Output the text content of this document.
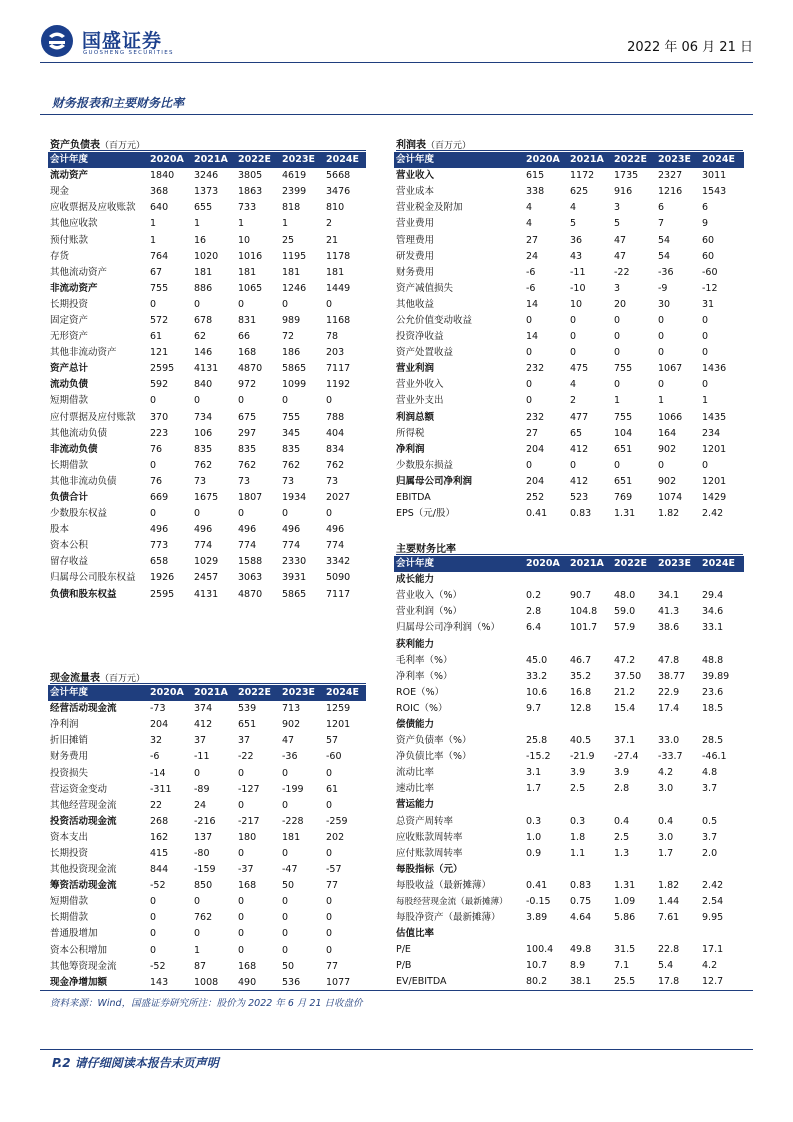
国盛证券
GUOSHENG SECURITIES	2022 年 06 月 21 日
财务报表和主要财务比率
资产负债表（百万元）
会计年度	2020A	2021A	2022E	2023E	2024E
流动资产	1840	3246	3805	4619	5668
现金	368	1373	1863	2399	3476
应收票据及应收账款	640	655	733	818	810
其他应收款	1	1	1	1	2
预付账款	1	16	10	25	21
存货	764	1020	1016	1195	1178
其他流动资产	67	181	181	181	181
非流动资产	755	886	1065	1246	1449
长期投资	0	0	0	0	0
固定资产	572	678	831	989	1168
无形资产	61	62	66	72	78
其他非流动资产	121	146	168	186	203
资产总计	2595	4131	4870	5865	7117
流动负债	592	840	972	1099	1192
短期借款	0	0	0	0	0
应付票据及应付账款	370	734	675	755	788
其他流动负债	223	106	297	345	404
非流动负债	76	835	835	835	834
长期借款	0	762	762	762	762
其他非流动负债	76	73	73	73	73
负债合计	669	1675	1807	1934	2027
少数股东权益	0	0	0	0	0
股本	496	496	496	496	496
资本公积	773	774	774	774	774
留存收益	658	1029	1588	2330	3342
归属母公司股东权益	1926	2457	3063	3931	5090
负债和股东权益	2595	4131	4870	5865	7117
利润表（百万元）
会计年度	2020A	2021A	2022E	2023E	2024E
营业收入	615	1172	1735	2327	3011
营业成本	338	625	916	1216	1543
营业税金及附加	4	4	3	6	6
营业费用	4	5	5	7	9
管理费用	27	36	47	54	60
研发费用	24	43	47	54	60
财务费用	-6	-11	-22	-36	-60
资产减值损失	-6	-10	3	-9	-12
其他收益	14	10	20	30	31
公允价值变动收益	0	0	0	0	0
投资净收益	14	0	0	0	0
资产处置收益	0	0	0	0	0
营业利润	232	475	755	1067	1436
营业外收入	0	4	0	0	0
营业外支出	0	2	1	1	1
利润总额	232	477	755	1066	1435
所得税	27	65	104	164	234
净利润	204	412	651	902	1201
少数股东损益	0	0	0	0	0
归属母公司净利润	204	412	651	902	1201
EBITDA	252	523	769	1074	1429
EPS（元/股）	0.41	0.83	1.31	1.82	2.42
主要财务比率
会计年度	2020A	2021A	2022E	2023E	2024E
成长能力					
营业收入（%）	0.2	90.7	48.0	34.1	29.4
营业利润（%）	2.8	104.8	59.0	41.3	34.6
归属母公司净利润（%）	6.4	101.7	57.9	38.6	33.1
获利能力					
毛利率（%）	45.0	46.7	47.2	47.8	48.8
净利率（%）	33.2	35.2	37.50	38.77	39.89
ROE（%）	10.6	16.8	21.2	22.9	23.6
ROIC（%）	9.7	12.8	15.4	17.4	18.5
偿债能力					
资产负债率（%）	25.8	40.5	37.1	33.0	28.5
净负债比率（%）	-15.2	-21.9	-27.4	-33.7	-46.1
流动比率	3.1	3.9	3.9	4.2	4.8
速动比率	1.7	2.5	2.8	3.0	3.7
营运能力					
总资产周转率	0.3	0.3	0.4	0.4	0.5
应收账款周转率	1.0	1.8	2.5	3.0	3.7
应付账款周转率	0.9	1.1	1.3	1.7	2.0
每股指标（元）					
每股收益（最新摊薄）	0.41	0.83	1.31	1.82	2.42
每股经营现金流（最新摊薄）	-0.15	0.75	1.09	1.44	2.54
每股净资产（最新摊薄）	3.89	4.64	5.86	7.61	9.95
估值比率					
P/E	100.4	49.8	31.5	22.8	17.1
P/B	10.7	8.9	7.1	5.4	4.2
EV/EBITDA	80.2	38.1	25.5	17.8	12.7
现金流量表（百万元）
会计年度	2020A	2021A	2022E	2023E	2024E
经营活动现金流	-73	374	539	713	1259
净利润	204	412	651	902	1201
折旧摊销	32	37	37	47	57
财务费用	-6	-11	-22	-36	-60
投资损失	-14	0	0	0	0
营运资金变动	-311	-89	-127	-199	61
其他经营现金流	22	24	0	0	0
投资活动现金流	268	-216	-217	-228	-259
资本支出	162	137	180	181	202
长期投资	415	-80	0	0	0
其他投资现金流	844	-159	-37	-47	-57
筹资活动现金流	-52	850	168	50	77
短期借款	0	0	0	0	0
长期借款	0	762	0	0	0
普通股增加	0	0	0	0	0
资本公积增加	0	1	0	0	0
其他筹资现金流	-52	87	168	50	77
现金净增加额	143	1008	490	536	1077
资料来源：Wind，国盛证券研究所注：股价为 2022 年 6 月 21 日收盘价
P.2 请仔细阅读本报告末页声明
